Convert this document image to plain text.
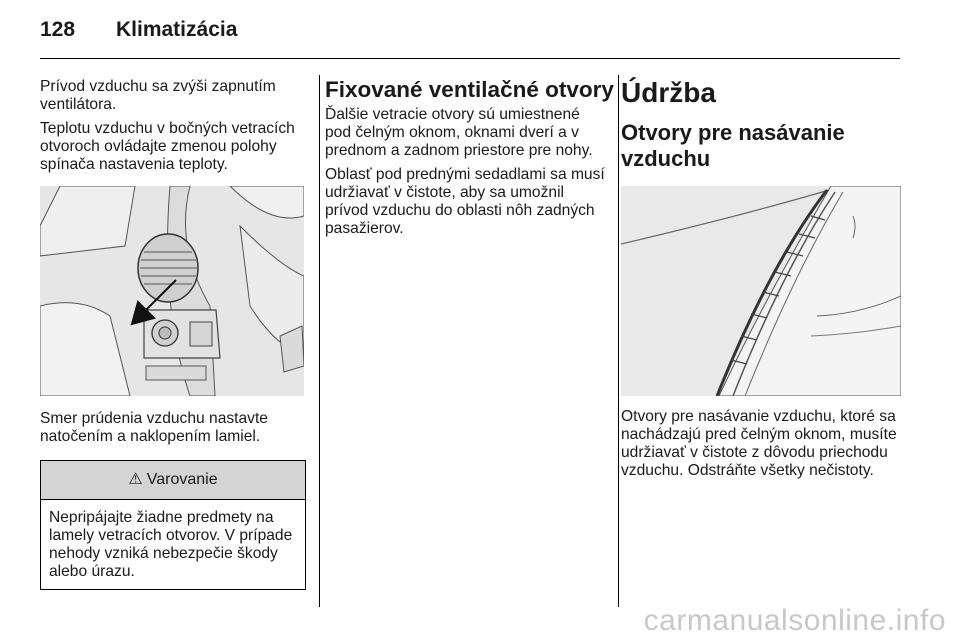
128 Klimatizácia

Prívod vzduchu sa zvýši zapnutím ventilátora.

Teplotu vzduchu v bočných vetracích otvoroch ovládajte zmenou polohy spínača nastavenia teploty.

Smer prúdenia vzduchu nastavte natočením a naklopením lamiel.

⚠ Varovanie
Nepripájajte žiadne predmety na lamely vetracích otvorov. V prípade nehody vzniká nebezpečie škody alebo úrazu.
Fixované ventilačné otvory

Ďalšie vetracie otvory sú umiestnené pod čelným oknom, oknami dverí a v prednom a zadnom priestore pre nohy.

Oblasť pod prednými sedadlami sa musí udržiavať v čistote, aby sa umožnil prívod vzduchu do oblasti nôh zadných pasažierov.

Údržba
Otvory pre nasávanie vzduchu

Otvory pre nasávanie vzduchu, ktoré sa nachádzajú pred čelným oknom, musíte udržiavať v čistote z dôvodu priechodu vzduchu. Odstráňte všetky nečistoty.

carmanualsonline.info
